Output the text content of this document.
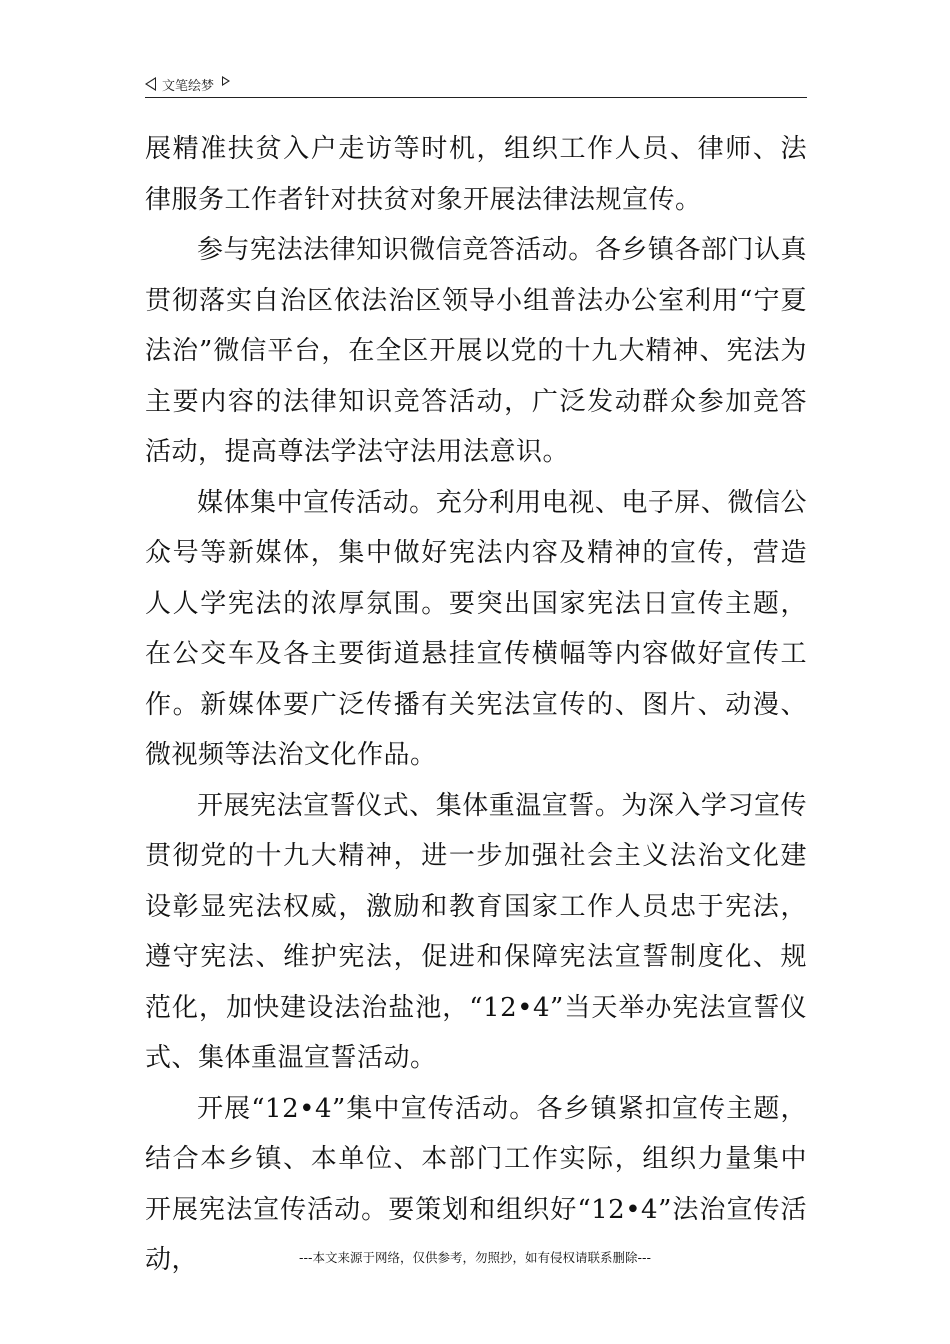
文笔绘梦

展精准扶贫入户走访等时机，组织工作人员、律师、法律服务工作者针对扶贫对象开展法律法规宣传。

参与宪法法律知识微信竞答活动。各乡镇各部门认真贯彻落实自治区依法治区领导小组普法办公室利用“宁夏法治”微信平台，在全区开展以党的十九大精神、宪法为主要内容的法律知识竞答活动，广泛发动群众参加竞答活动，提高尊法学法守法用法意识。

媒体集中宣传活动。充分利用电视、电子屏、微信公众号等新媒体，集中做好宪法内容及精神的宣传，营造人人学宪法的浓厚氛围。要突出国家宪法日宣传主题，在公交车及各主要街道悬挂宣传横幅等内容做好宣传工作。新媒体要广泛传播有关宪法宣传的、图片、动漫、微视频等法治文化作品。

开展宪法宣誓仪式、集体重温宣誓。为深入学习宣传贯彻党的十九大精神，进一步加强社会主义法治文化建设彰显宪法权威，激励和教育国家工作人员忠于宪法，遵守宪法、维护宪法，促进和保障宪法宣誓制度化、规范化，加快建设法治盐池，“12•4”当天举办宪法宣誓仪式、集体重温宣誓活动。

开展“12•4”集中宣传活动。各乡镇紧扣宣传主题，结合本乡镇、本单位、本部门工作实际，组织力量集中开展宪法宣传活动。要策划和组织好“12•4”法治宣传活动，	---本文来源于网络，仅供参考，勿照抄，如有侵权请联系删除---
